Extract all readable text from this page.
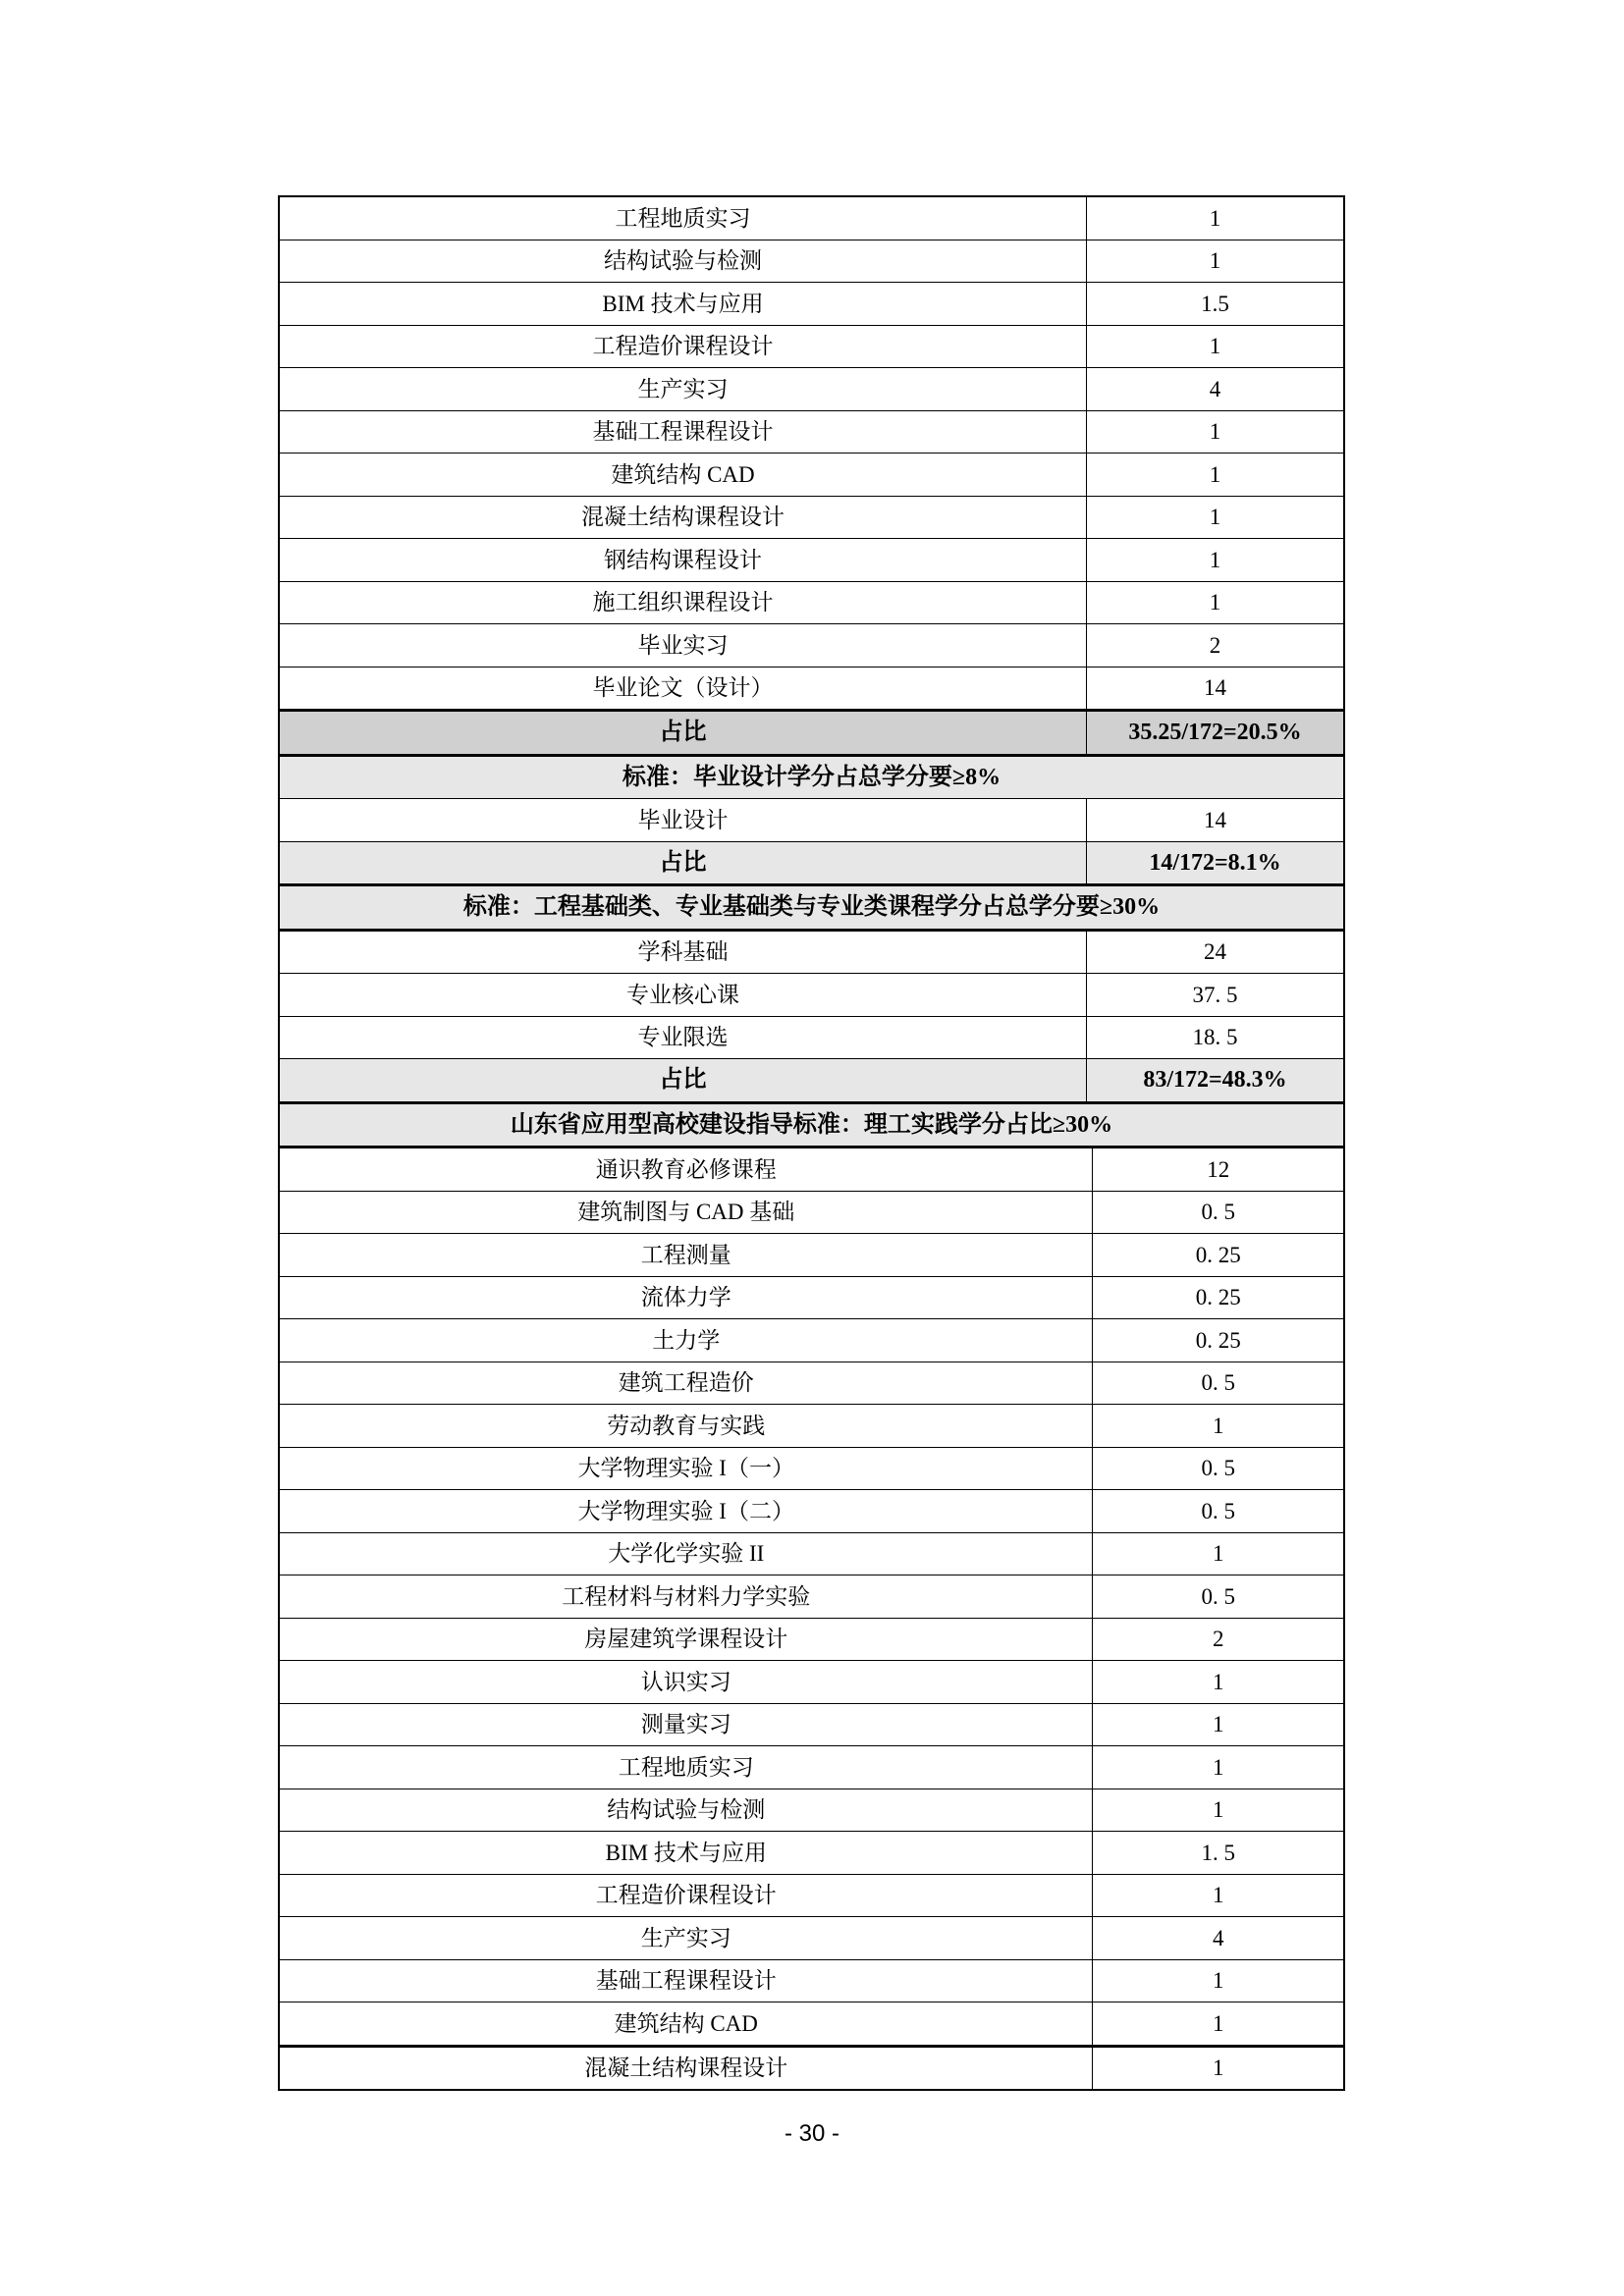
工程地质实习	1
结构试验与检测	1
BIM 技术与应用	1.5
工程造价课程设计	1
生产实习	4
基础工程课程设计	1
建筑结构 CAD	1
混凝土结构课程设计	1
钢结构课程设计	1
施工组织课程设计	1
毕业实习	2
毕业论文（设计）	14
占比	35.25/172=20.5%
标准：毕业设计学分占总学分要≥8%
毕业设计	14
占比	14/172=8.1%
标准：工程基础类、专业基础类与专业类课程学分占总学分要≥30%
学科基础	24
专业核心课	37. 5
专业限选	18. 5
占比	83/172=48.3%
山东省应用型高校建设指导标准：理工实践学分占比≥30%
通识教育必修课程	12
建筑制图与 CAD 基础	0. 5
工程测量	0. 25
流体力学	0. 25
土力学	0. 25
建筑工程造价	0. 5
劳动教育与实践	1
大学物理实验 I（一）	0. 5
大学物理实验 I（二）	0. 5
大学化学实验 II	1
工程材料与材料力学实验	0. 5
房屋建筑学课程设计	2
认识实习	1
测量实习	1
工程地质实习	1
结构试验与检测	1
BIM 技术与应用	1. 5
工程造价课程设计	1
生产实习	4
基础工程课程设计	1
建筑结构 CAD	1
混凝土结构课程设计	1
- 30 -
